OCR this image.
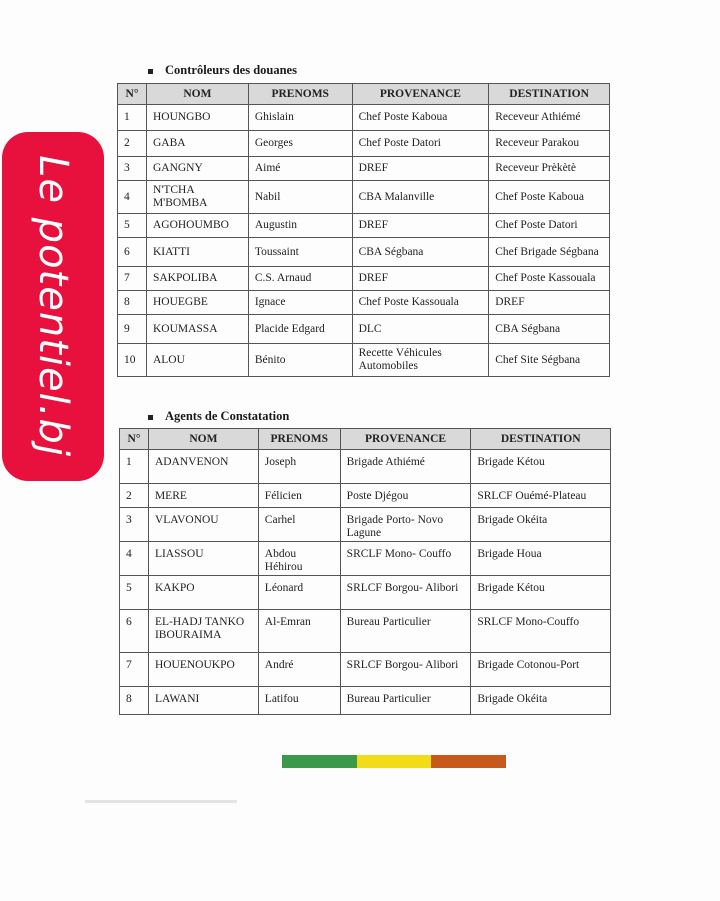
Contrôleurs des douanes
N°	NOM	PRENOMS	PROVENANCE	DESTINATION
1	HOUNGBO	Ghislain	Chef Poste Kaboua	Receveur Athiémé
2	GABA	Georges	Chef Poste Datori	Receveur Parakou
3	GANGNY	Aimé	DREF	Receveur Prèkètè
4	N'TCHA M'BOMBA	Nabil	CBA Malanville	Chef Poste Kaboua
5	AGOHOUMBO	Augustin	DREF	Chef Poste Datori
6	KIATTI	Toussaint	CBA Ségbana	Chef Brigade Ségbana
7	SAKPOLIBA	C.S. Arnaud	DREF	Chef Poste Kassouala
8	HOUEGBE	Ignace	Chef Poste Kassouala	DREF
9	KOUMASSA	Placide Edgard	DLC	CBA Ségbana
10	ALOU	Bénito	Recette Véhicules Automobiles	Chef Site Ségbana
Agents de Constatation
N°	NOM	PRENOMS	PROVENANCE	DESTINATION
1	ADANVENON	Joseph	Brigade Athiémé	Brigade Kétou
2	MERE	Félicien	Poste Djégou	SRLCF Ouémé-Plateau
3	VLAVONOU	Carhel	Brigade Porto- Novo Lagune	Brigade Okéita
4	LIASSOU	Abdou Héhirou	SRCLF Mono- Couffo	Brigade Houa
5	KAKPO	Léonard	SRLCF Borgou- Alibori	Brigade Kétou
6	EL-HADJ TANKO IBOURAIMA	Al-Emran	Bureau Particulier	SRLCF Mono-Couffo
7	HOUENOUKPO	André	SRLCF Borgou- Alibori	Brigade Cotonou-Port
8	LAWANI	Latifou	Bureau Particulier	Brigade Okéita
Le potentiel.bj
